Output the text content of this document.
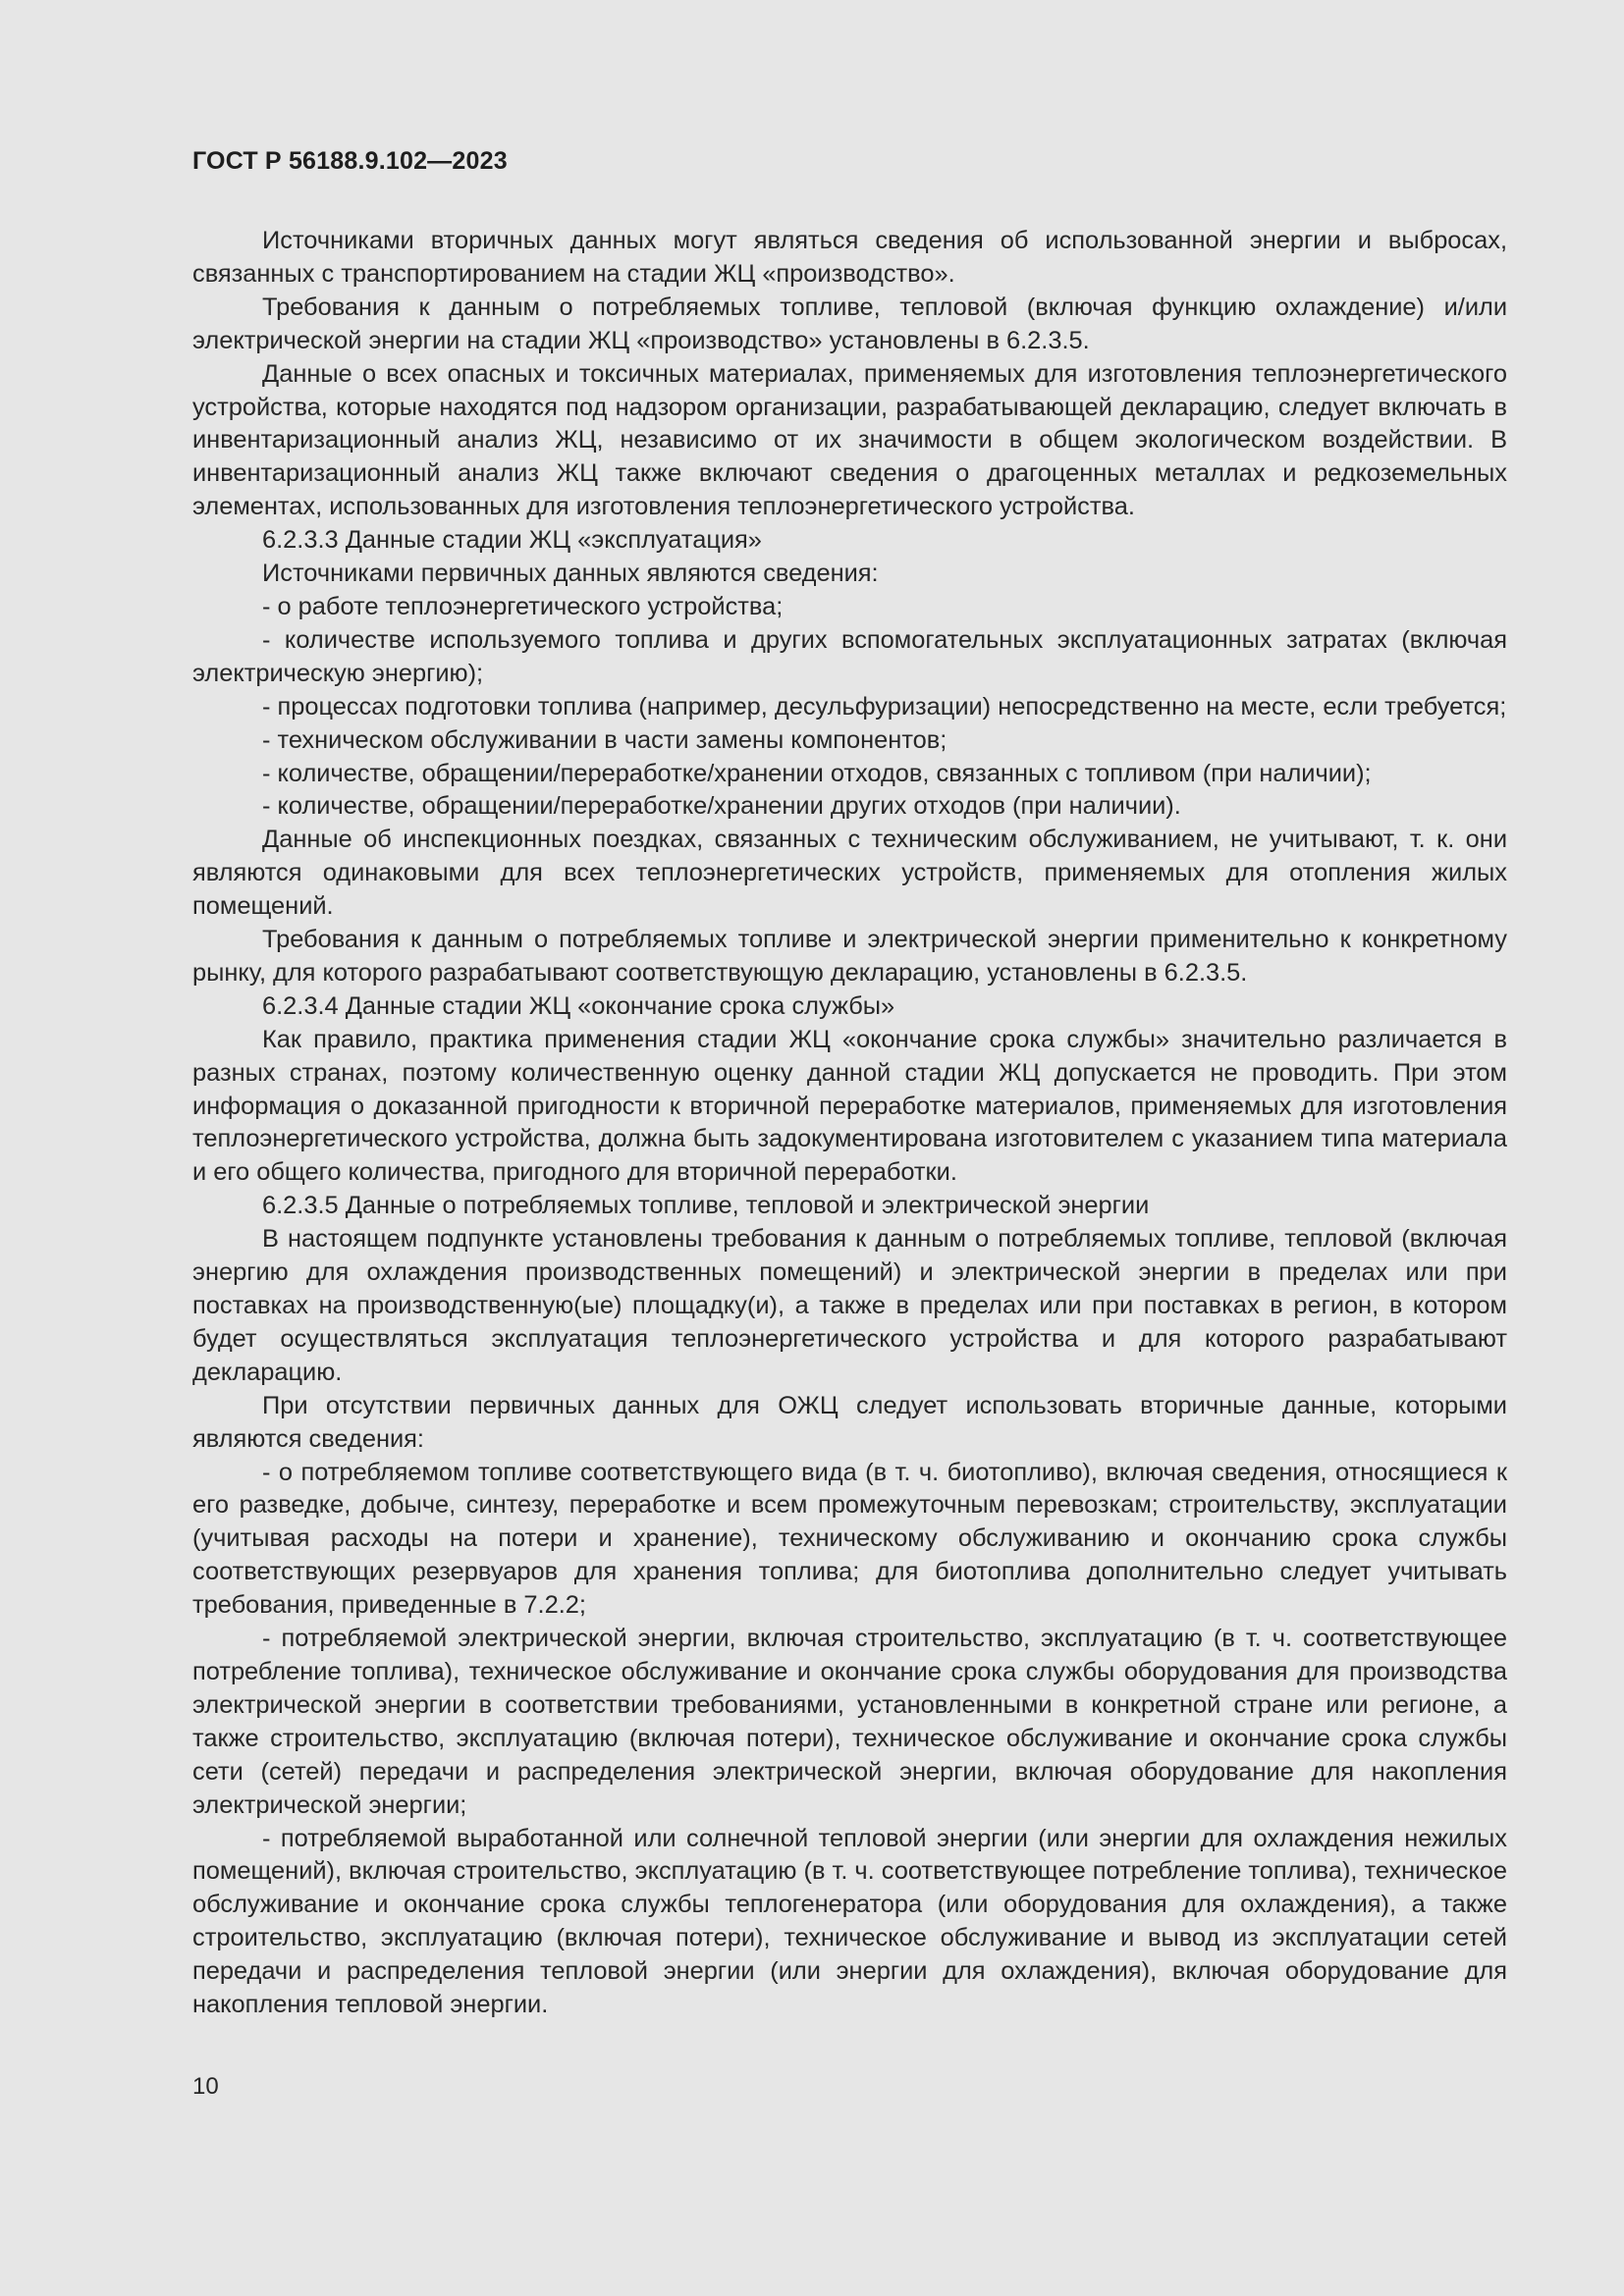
ГОСТ Р 56188.9.102—2023

Источниками вторичных данных могут являться сведения об использованной энергии и выбросах, связанных с транспортированием на стадии ЖЦ «производство».

Требования к данным о потребляемых топливе, тепловой (включая функцию охлаждение) и/или электрической энергии на стадии ЖЦ «производство» установлены в 6.2.3.5.

Данные о всех опасных и токсичных материалах, применяемых для изготовления теплоэнергетического устройства, которые находятся под надзором организации, разрабатывающей декларацию, следует включать в инвентаризационный анализ ЖЦ, независимо от их значимости в общем экологическом воздействии. В инвентаризационный анализ ЖЦ также включают сведения о драгоценных металлах и редкоземельных элементах, использованных для изготовления теплоэнергетического устройства.

6.2.3.3 Данные стадии ЖЦ «эксплуатация»

Источниками первичных данных являются сведения:

- о работе теплоэнергетического устройства;

- количестве используемого топлива и других вспомогательных эксплуатационных затратах (включая электрическую энергию);

- процессах подготовки топлива (например, десульфуризации) непосредственно на месте, если требуется;

- техническом обслуживании в части замены компонентов;

- количестве, обращении/переработке/хранении отходов, связанных с топливом (при наличии);

- количестве, обращении/переработке/хранении других отходов (при наличии).

Данные об инспекционных поездках, связанных с техническим обслуживанием, не учитывают, т. к. они являются одинаковыми для всех теплоэнергетических устройств, применяемых для отопления жилых помещений.

Требования к данным о потребляемых топливе и электрической энергии применительно к конкретному рынку, для которого разрабатывают соответствующую декларацию, установлены в 6.2.3.5.

6.2.3.4 Данные стадии ЖЦ «окончание срока службы»

Как правило, практика применения стадии ЖЦ «окончание срока службы» значительно различается в разных странах, поэтому количественную оценку данной стадии ЖЦ допускается не проводить. При этом информация о доказанной пригодности к вторичной переработке материалов, применяемых для изготовления теплоэнергетического устройства, должна быть задокументирована изготовителем с указанием типа материала и его общего количества, пригодного для вторичной переработки.

6.2.3.5 Данные о потребляемых топливе, тепловой и электрической энергии

В настоящем подпункте установлены требования к данным о потребляемых топливе, тепловой (включая энергию для охлаждения производственных помещений) и электрической энергии в пределах или при поставках на производственную(ые) площадку(и), а также в пределах или при поставках в регион, в котором будет осуществляться эксплуатация теплоэнергетического устройства и для которого разрабатывают декларацию.

При отсутствии первичных данных для ОЖЦ следует использовать вторичные данные, которыми являются сведения:

- о потребляемом топливе соответствующего вида (в т. ч. биотопливо), включая сведения, относящиеся к его разведке, добыче, синтезу, переработке и всем промежуточным перевозкам; строительству, эксплуатации (учитывая расходы на потери и хранение), техническому обслуживанию и окончанию срока службы соответствующих резервуаров для хранения топлива; для биотоплива дополнительно следует учитывать требования, приведенные в 7.2.2;

- потребляемой электрической энергии, включая строительство, эксплуатацию (в т. ч. соответствующее потребление топлива), техническое обслуживание и окончание срока службы оборудования для производства электрической энергии в соответствии требованиями, установленными в конкретной стране или регионе, а также строительство, эксплуатацию (включая потери), техническое обслуживание и окончание срока службы сети (сетей) передачи и распределения электрической энергии, включая оборудование для накопления электрической энергии;

- потребляемой выработанной или солнечной тепловой энергии (или энергии для охлаждения нежилых помещений), включая строительство, эксплуатацию (в т. ч. соответствующее потребление топлива), техническое обслуживание и окончание срока службы теплогенератора (или оборудования для охлаждения), а также строительство, эксплуатацию (включая потери), техническое обслуживание и вывод из эксплуатации сетей передачи и распределения тепловой энергии (или энергии для охлаждения), включая оборудование для накопления тепловой энергии.

10
